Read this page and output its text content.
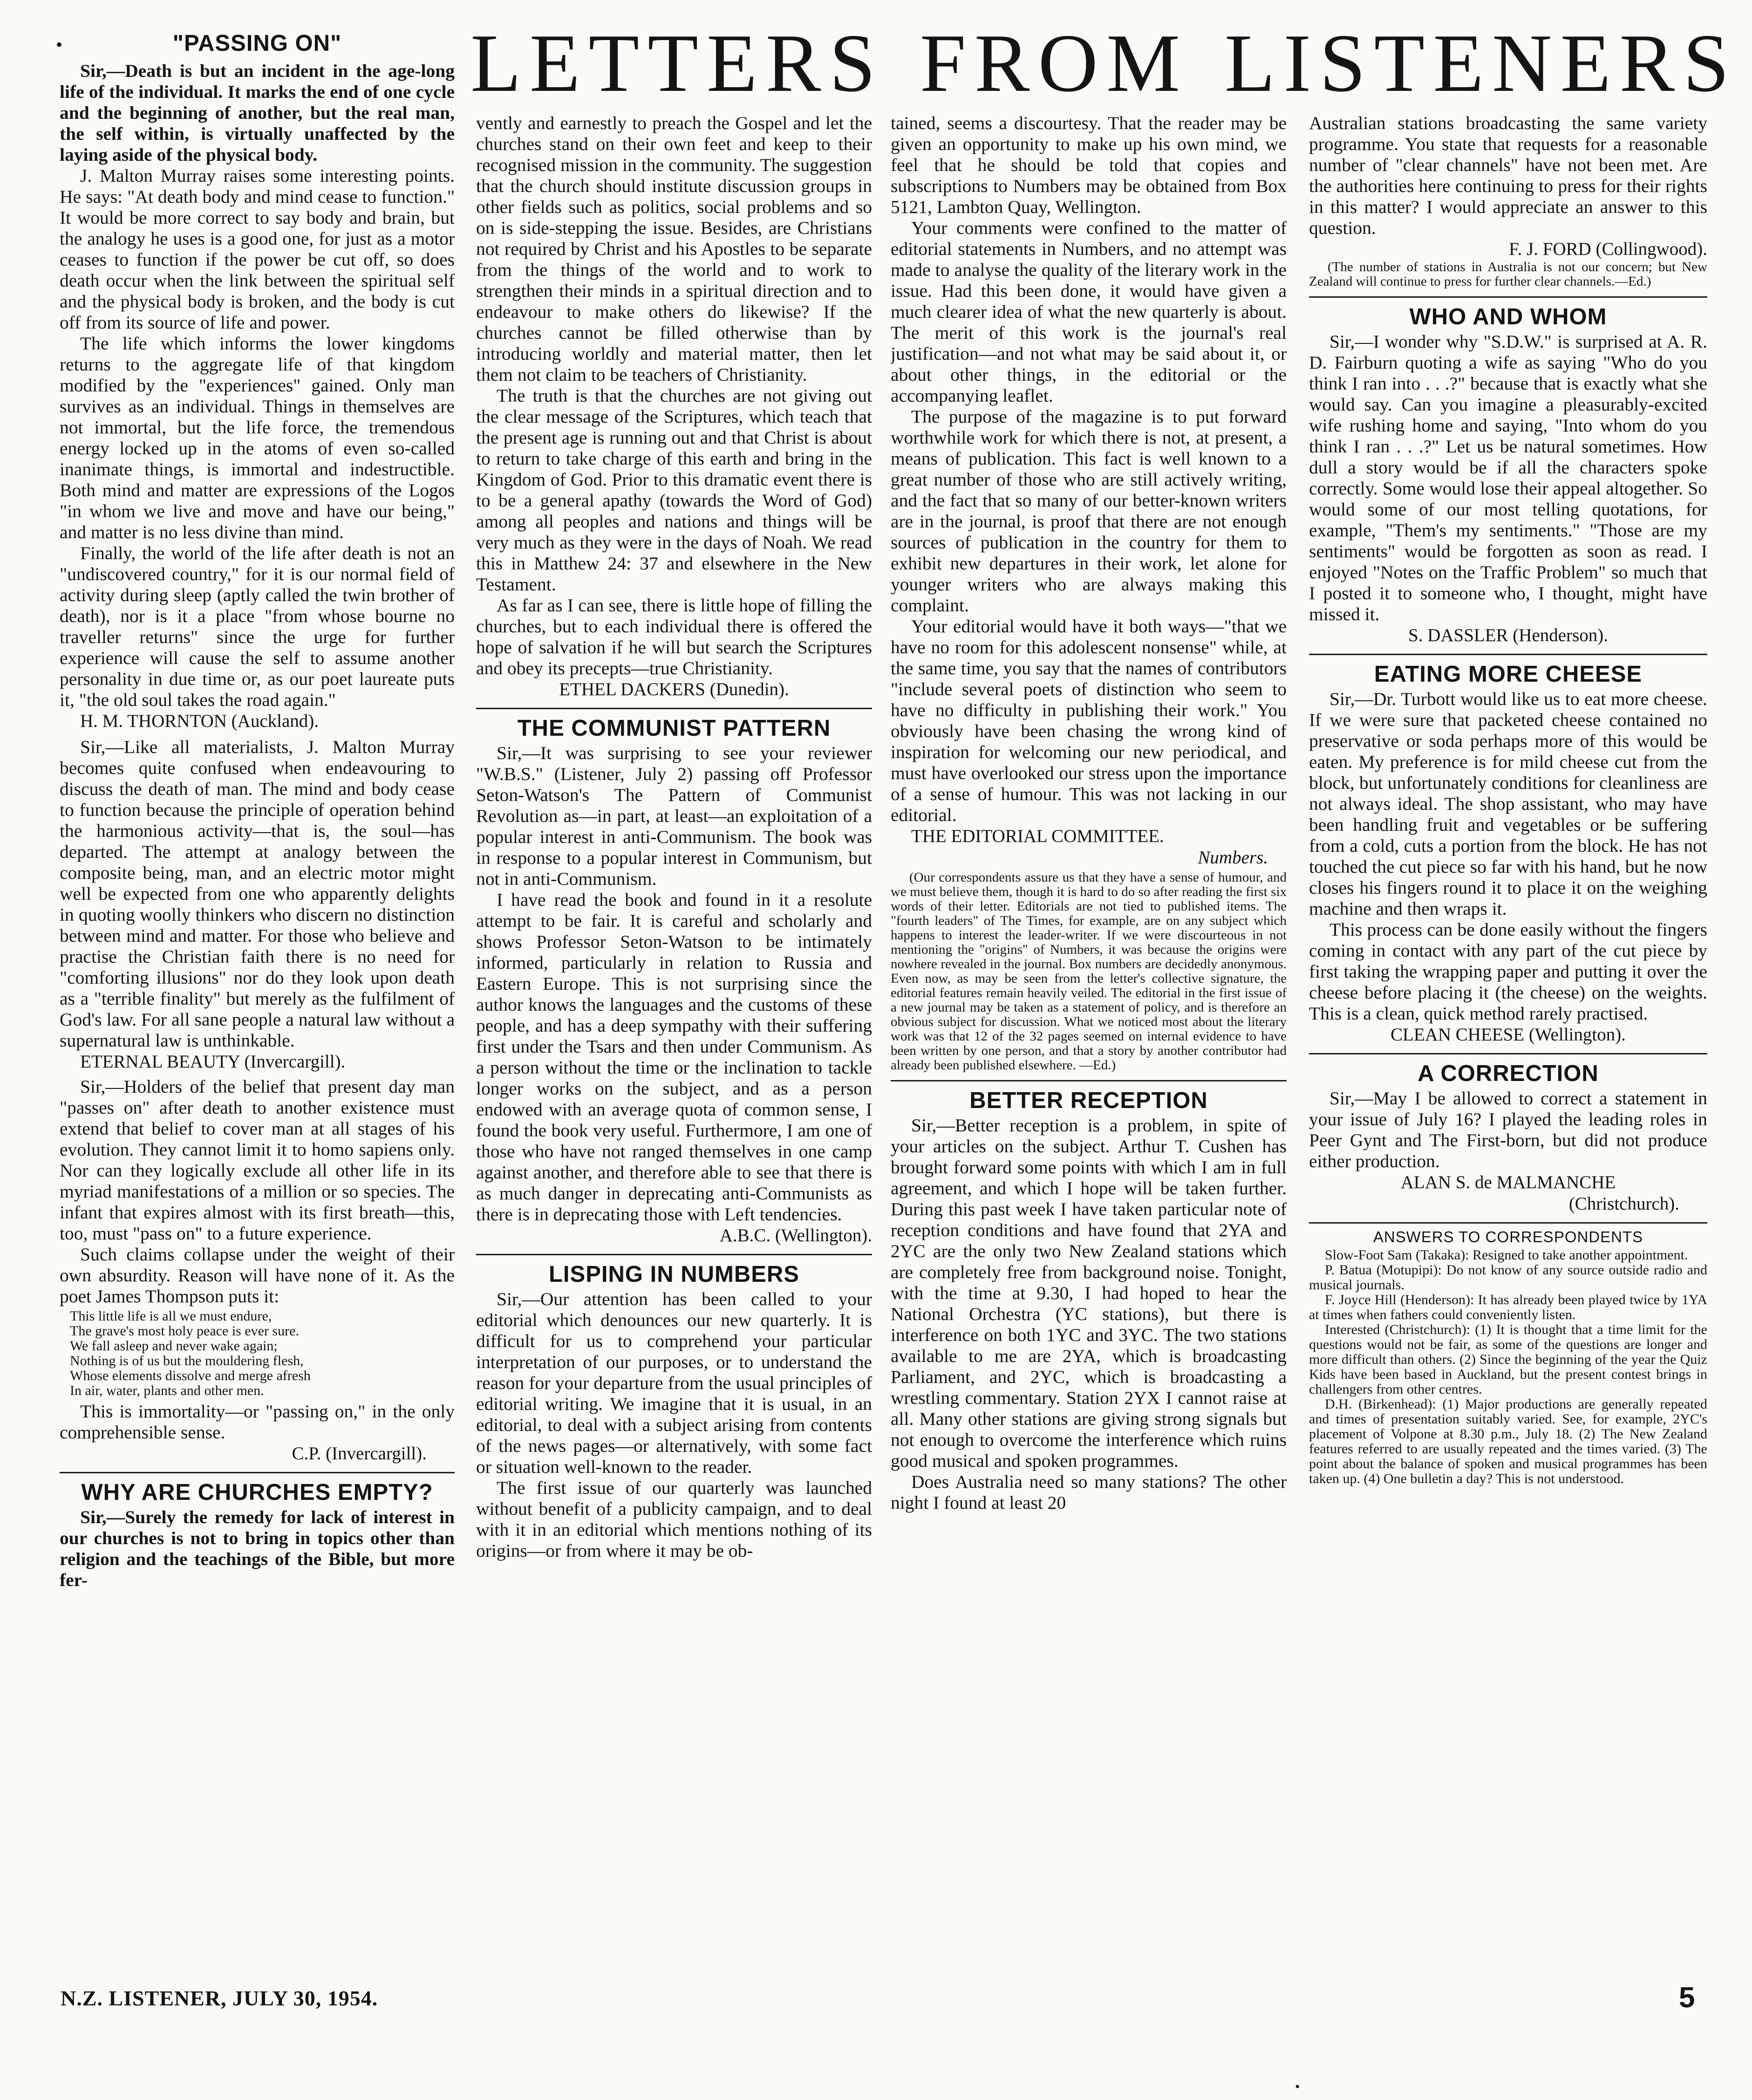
LETTERS FROM LISTENERS
•	"PASSING ON"

Sir,—Death is but an incident in the age-long life of the individual. It marks the end of one cycle and the beginning of another, but the real man, the self within, is virtually unaffected by the laying aside of the physical body.

J. Malton Murray raises some interesting points. He says: "At death body and mind cease to function." It would be more correct to say body and brain, but the analogy he uses is a good one, for just as a motor ceases to function if the power be cut off, so does death occur when the link between the spiritual self and the physical body is broken, and the body is cut off from its source of life and power.

The life which informs the lower kingdoms returns to the aggregate life of that kingdom modified by the "experiences" gained. Only man survives as an individual. Things in themselves are not immortal, but the life force, the tremendous energy locked up in the atoms of even so-called inanimate things, is immortal and indestructible. Both mind and matter are expressions of the Logos "in whom we live and move and have our being," and matter is no less divine than mind.

Finally, the world of the life after death is not an "undiscovered country," for it is our normal field of activity during sleep (aptly called the twin brother of death), nor is it a place "from whose bourne no traveller returns" since the urge for further experience will cause the self to assume another personality in due time or, as our poet laureate puts it, "the old soul takes the road again."

H. M. THORNTON (Auckland).

Sir,—Like all materialists, J. Malton Murray becomes quite confused when endeavouring to discuss the death of man. The mind and body cease to function because the principle of operation behind the harmonious activity—that is, the soul—has departed. The attempt at analogy between the composite being, man, and an electric motor might well be expected from one who apparently delights in quoting woolly thinkers who discern no distinction between mind and matter. For those who believe and practise the Christian faith there is no need for "comforting illusions" nor do they look upon death as a "terrible finality" but merely as the fulfilment of God's law. For all sane people a natural law without a supernatural law is unthinkable.

ETERNAL BEAUTY (Invercargill).

Sir,—Holders of the belief that present day man "passes on" after death to another existence must extend that belief to cover man at all stages of his evolution. They cannot limit it to homo sapiens only. Nor can they logically exclude all other life in its myriad manifestations of a million or so species. The infant that expires almost with its first breath—this, too, must "pass on" to a future experience.

Such claims collapse under the weight of their own absurdity. Reason will have none of it. As the poet James Thompson puts it:

This little life is all we must endure,
The grave's most holy peace is ever sure.
We fall asleep and never wake again;
Nothing is of us but the mouldering flesh,
Whose elements dissolve and merge afresh
In air, water, plants and other men.

This is immortality—or "passing on," in the only comprehensible sense.

C.P. (Invercargill).

WHY ARE CHURCHES EMPTY?

Sir,—Surely the remedy for lack of interest in our churches is not to bring in topics other than religion and the teachings of the Bible, but more fer-

vently and earnestly to preach the Gospel and let the churches stand on their own feet and keep to their recognised mission in the community. The suggestion that the church should institute discussion groups in other fields such as politics, social problems and so on is side-stepping the issue. Besides, are Christians not required by Christ and his Apostles to be separate from the things of the world and to work to strengthen their minds in a spiritual direction and to endeavour to make others do likewise? If the churches cannot be filled otherwise than by introducing worldly and material matter, then let them not claim to be teachers of Christianity.

The truth is that the churches are not giving out the clear message of the Scriptures, which teach that the present age is running out and that Christ is about to return to take charge of this earth and bring in the Kingdom of God. Prior to this dramatic event there is to be a general apathy (towards the Word of God) among all peoples and nations and things will be very much as they were in the days of Noah. We read this in Matthew 24: 37 and elsewhere in the New Testament.

As far as I can see, there is little hope of filling the churches, but to each individual there is offered the hope of salvation if he will but search the Scriptures and obey its precepts—true Christianity.

ETHEL DACKERS (Dunedin).

THE COMMUNIST PATTERN

Sir,—It was surprising to see your reviewer "W.B.S." (Listener, July 2) passing off Professor Seton-Watson's The Pattern of Communist Revolution as—in part, at least—an exploitation of a popular interest in anti-Communism. The book was in response to a popular interest in Communism, but not in anti-Communism.

I have read the book and found in it a resolute attempt to be fair. It is careful and scholarly and shows Professor Seton-Watson to be intimately informed, particularly in relation to Russia and Eastern Europe. This is not surprising since the author knows the languages and the customs of these people, and has a deep sympathy with their suffering first under the Tsars and then under Communism. As a person without the time or the inclination to tackle longer works on the subject, and as a person endowed with an average quota of common sense, I found the book very useful. Furthermore, I am one of those who have not ranged themselves in one camp against another, and therefore able to see that there is as much danger in deprecating anti-Communists as there is in deprecating those with Left tendencies.

A.B.C. (Wellington).

LISPING IN NUMBERS

Sir,—Our attention has been called to your editorial which denounces our new quarterly. It is difficult for us to comprehend your particular interpretation of our purposes, or to understand the reason for your departure from the usual principles of editorial writing. We imagine that it is usual, in an editorial, to deal with a subject arising from contents of the news pages—or alternatively, with some fact or situation well-known to the reader.

The first issue of our quarterly was launched without benefit of a publicity campaign, and to deal with it in an editorial which mentions nothing of its origins—or from where it may be ob-

tained, seems a discourtesy. That the reader may be given an opportunity to make up his own mind, we feel that he should be told that copies and subscriptions to Numbers may be obtained from Box 5121, Lambton Quay, Wellington.

Your comments were confined to the matter of editorial statements in Numbers, and no attempt was made to analyse the quality of the literary work in the issue. Had this been done, it would have given a much clearer idea of what the new quarterly is about. The merit of this work is the journal's real justification—and not what may be said about it, or about other things, in the editorial or the accompanying leaflet.

The purpose of the magazine is to put forward worthwhile work for which there is not, at present, a means of publication. This fact is well known to a great number of those who are still actively writing, and the fact that so many of our better-known writers are in the journal, is proof that there are not enough sources of publication in the country for them to exhibit new departures in their work, let alone for younger writers who are always making this complaint.

Your editorial would have it both ways—"that we have no room for this adolescent nonsense" while, at the same time, you say that the names of contributors "include several poets of distinction who seem to have no difficulty in publishing their work." You obviously have been chasing the wrong kind of inspiration for welcoming our new periodical, and must have overlooked our stress upon the importance of a sense of humour. This was not lacking in our editorial.

THE EDITORIAL COMMITTEE.

Numbers.

(Our correspondents assure us that they have a sense of humour, and we must believe them, though it is hard to do so after reading the first six words of their letter. Editorials are not tied to published items. The "fourth leaders" of The Times, for example, are on any subject which happens to interest the leader-writer. If we were discourteous in not mentioning the "origins" of Numbers, it was because the origins were nowhere revealed in the journal. Box numbers are decidedly anonymous. Even now, as may be seen from the letter's collective signature, the editorial features remain heavily veiled. The editorial in the first issue of a new journal may be taken as a statement of policy, and is therefore an obvious subject for discussion. What we noticed most about the literary work was that 12 of the 32 pages seemed on internal evidence to have been written by one person, and that a story by another contributor had already been published elsewhere. —Ed.)

BETTER RECEPTION

Sir,—Better reception is a problem, in spite of your articles on the subject. Arthur T. Cushen has brought forward some points with which I am in full agreement, and which I hope will be taken further. During this past week I have taken particular note of reception conditions and have found that 2YA and 2YC are the only two New Zealand stations which are completely free from background noise. Tonight, with the time at 9.30, I had hoped to hear the National Orchestra (YC stations), but there is interference on both 1YC and 3YC. The two stations available to me are 2YA, which is broadcasting Parliament, and 2YC, which is broadcasting a wrestling commentary. Station 2YX I cannot raise at all. Many other stations are giving strong signals but not enough to overcome the interference which ruins good musical and spoken programmes.

Does Australia need so many stations? The other night I found at least 20

Australian stations broadcasting the same variety programme. You state that requests for a reasonable number of "clear channels" have not been met. Are the authorities here continuing to press for their rights in this matter? I would appreciate an answer to this question.

F. J. FORD (Collingwood).

(The number of stations in Australia is not our concern; but New Zealand will continue to press for further clear channels.—Ed.)

WHO AND WHOM

Sir,—I wonder why "S.D.W." is surprised at A. R. D. Fairburn quoting a wife as saying "Who do you think I ran into . . .?" because that is exactly what she would say. Can you imagine a pleasurably-excited wife rushing home and saying, "Into whom do you think I ran . . .?" Let us be natural sometimes. How dull a story would be if all the characters spoke correctly. Some would lose their appeal altogether. So would some of our most telling quotations, for example, "Them's my sentiments." "Those are my sentiments" would be forgotten as soon as read. I enjoyed "Notes on the Traffic Problem" so much that I posted it to someone who, I thought, might have missed it.

S. DASSLER (Henderson).

EATING MORE CHEESE

Sir,—Dr. Turbott would like us to eat more cheese. If we were sure that packeted cheese contained no preservative or soda perhaps more of this would be eaten. My preference is for mild cheese cut from the block, but unfortunately conditions for cleanliness are not always ideal. The shop assistant, who may have been handling fruit and vegetables or be suffering from a cold, cuts a portion from the block. He has not touched the cut piece so far with his hand, but he now closes his fingers round it to place it on the weighing machine and then wraps it.

This process can be done easily without the fingers coming in contact with any part of the cut piece by first taking the wrapping paper and putting it over the cheese before placing it (the cheese) on the weights. This is a clean, quick method rarely practised.

CLEAN CHEESE (Wellington).

A CORRECTION

Sir,—May I be allowed to correct a statement in your issue of July 16? I played the leading roles in Peer Gynt and The First-born, but did not produce either production.

ALAN S. de MALMANCHE

(Christchurch).

ANSWERS TO CORRESPONDENTS

Slow-Foot Sam (Takaka): Resigned to take another appointment.

P. Batua (Motupipi): Do not know of any source outside radio and musical journals.

F. Joyce Hill (Henderson): It has already been played twice by 1YA at times when fathers could conveniently listen.

Interested (Christchurch): (1) It is thought that a time limit for the questions would not be fair, as some of the questions are longer and more difficult than others. (2) Since the beginning of the year the Quiz Kids have been based in Auckland, but the present contest brings in challengers from other centres.

D.H. (Birkenhead): (1) Major productions are generally repeated and times of presentation suitably varied. See, for example, 2YC's placement of Volpone at 8.30 p.m., July 18. (2) The New Zealand features referred to are usually repeated and the times varied. (3) The point about the balance of spoken and musical programmes has been taken up. (4) One bulletin a day? This is not understood.

N.Z. LISTENER, JULY 30, 1954.	5
•
